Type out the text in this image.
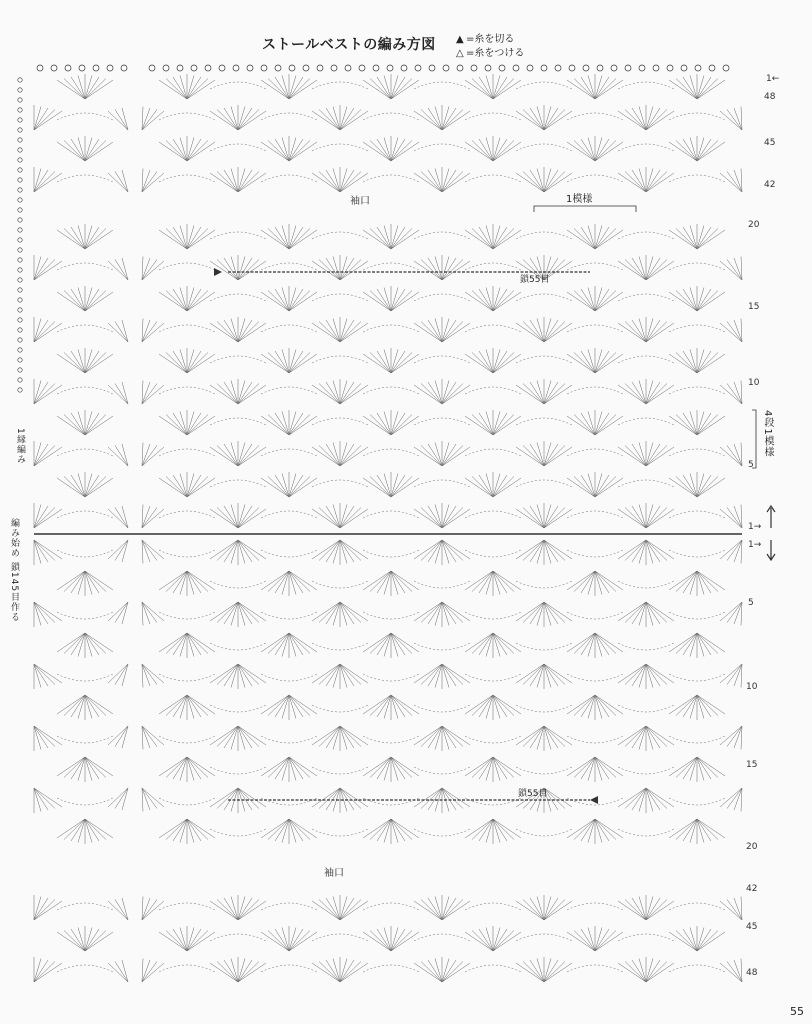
ストールベストの編み方図 ▲ =糸を切る
△ =糸をつける
袖口
袖口
1模様
鎖55目
鎖55目
4段1模様
1縁編み
編み始め 鎖145目作る
1←
48
45
42
20
15
10
5
1→
1→
5
10
15
20
42
45
48
55
